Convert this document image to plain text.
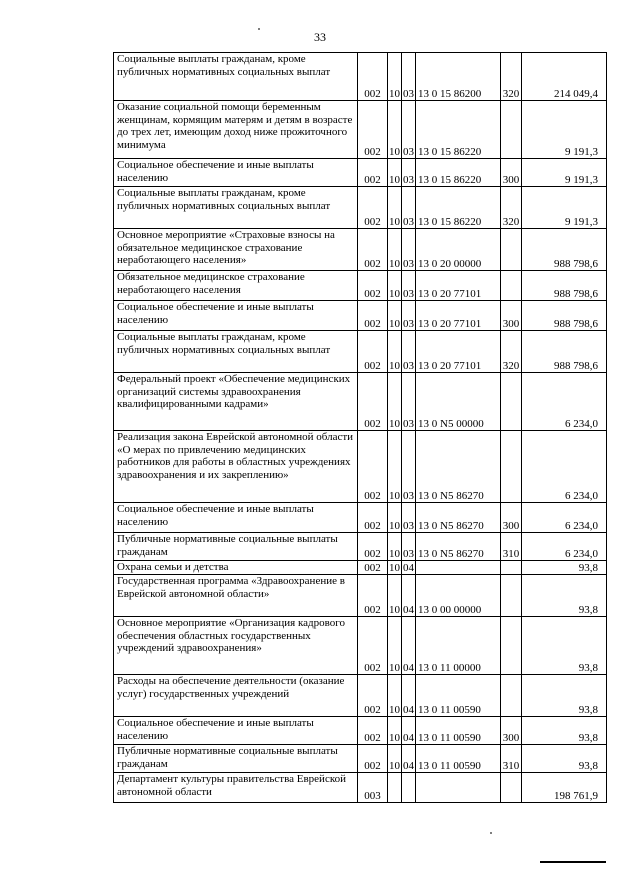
33
Социальные выплаты гражданам, кроме публичных нормативных социальных выплат	002	10	03	13 0 15 86200	320	214 049,4
Оказание социальной помощи беременным женщинам, кормящим матерям и детям в возрасте до трех лет, имеющим доход ниже прожиточного минимума	002	10	03	13 0 15 86220		9 191,3
Социальное обеспечение и иные выплаты населению	002	10	03	13 0 15 86220	300	9 191,3
Социальные выплаты гражданам, кроме публичных нормативных социальных выплат	002	10	03	13 0 15 86220	320	9 191,3
Основное мероприятие «Страховые взносы на обязательное медицинское страхование неработающего населения»	002	10	03	13 0 20 00000		988 798,6
Обязательное медицинское страхование неработающего населения	002	10	03	13 0 20 77101		988 798,6
Социальное обеспечение и иные выплаты населению	002	10	03	13 0 20 77101	300	988 798,6
Социальные выплаты гражданам, кроме публичных нормативных социальных выплат	002	10	03	13 0 20 77101	320	988 798,6
Федеральный проект «Обеспечение медицинских организаций системы здравоохранения квалифицированными кадрами»	002	10	03	13 0 N5 00000		6 234,0
Реализация закона Еврейской автономной области «О мерах по привлечению медицинских работников для работы в областных учреждениях здравоохранения и их закреплению»	002	10	03	13 0 N5 86270		6 234,0
Социальное обеспечение и иные выплаты населению	002	10	03	13 0 N5 86270	300	6 234,0
Публичные нормативные социальные выплаты гражданам	002	10	03	13 0 N5 86270	310	6 234,0
Охрана семьи и детства	002	10	04			93,8
Государственная программа «Здравоохранение в Еврейской автономной области»	002	10	04	13 0 00 00000		93,8
Основное мероприятие «Организация кадрового обеспечения областных государственных учреждений здравоохранения»	002	10	04	13 0 11 00000		93,8
Расходы на обеспечение деятельности (оказание услуг) государственных учреждений	002	10	04	13 0 11 00590		93,8
Социальное обеспечение и иные выплаты населению	002	10	04	13 0 11 00590	300	93,8
Публичные нормативные социальные выплаты гражданам	002	10	04	13 0 11 00590	310	93,8
Департамент культуры правительства Еврейской автономной области	003					198 761,9
